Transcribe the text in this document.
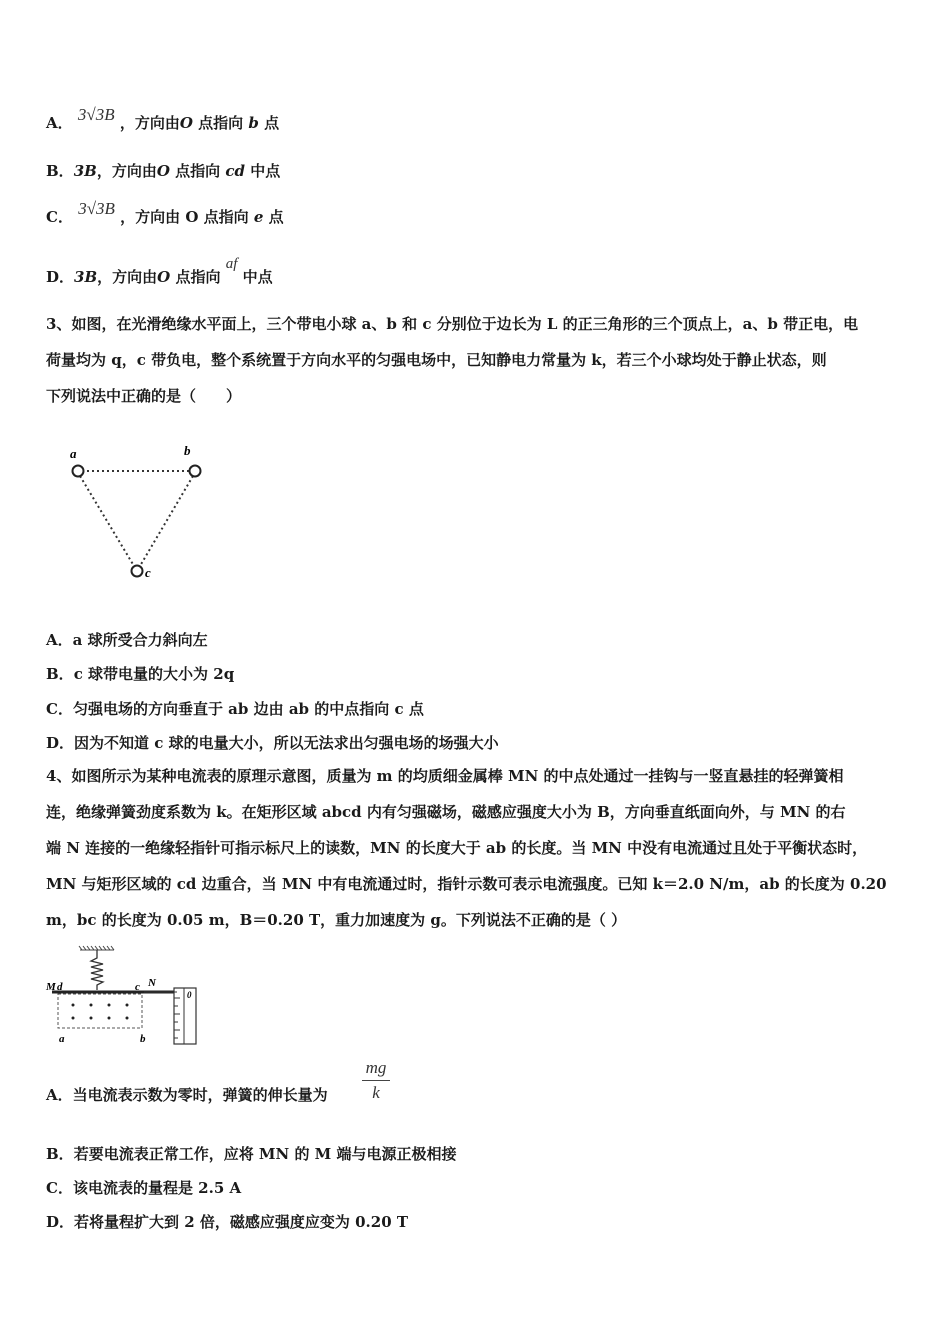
A． 3√3B ，方向由O 点指向 b 点
B．3B，方向由O 点指向 cd 中点
C． 3√3B ，方向由 O 点指向 e 点
D．3B，方向由O 点指向 af 中点
3、如图，在光滑绝缘水平面上，三个带电小球 a、b 和 c 分别位于边长为 L 的正三角形的三个顶点上，a、b 带正电，电
荷量均为 q，c 带负电，整个系统置于方向水平的匀强电场中，已知静电力常量为 k，若三个小球均处于静止状态，则
下列说法中正确的是（　　）
a	b
c
A．a 球所受合力斜向左
B．c 球带电量的大小为 2q
C．匀强电场的方向垂直于 ab 边由 ab 的中点指向 c 点
D．因为不知道 c 球的电量大小，所以无法求出匀强电场的场强大小
4、如图所示为某种电流表的原理示意图，质量为 m 的均质细金属棒 MN 的中点处通过一挂钩与一竖直悬挂的轻弹簧相
连，绝缘弹簧劲度系数为 k。在矩形区域 abcd 内有匀强磁场，磁感应强度大小为 B，方向垂直纸面向外，与 MN 的右
端 N 连接的一绝缘轻指针可指示标尺上的读数，MN 的长度大于 ab 的长度。当 MN 中没有电流通过且处于平衡状态时，
MN 与矩形区域的 cd 边重合，当 MN 中有电流通过时，指针示数可表示电流强度。已知 k＝2.0 N/m，ab 的长度为 0.20
m，bc 的长度为 0.05 m，B＝0.20 T，重力加速度为 g。下列说法不正确的是（ ）
M d	c N
a	b
0
A．当电流表示数为零时，弹簧的伸长量为
mg
k
B．若要电流表正常工作，应将 MN 的 M 端与电源正极相接
C．该电流表的量程是 2.5 A
D．若将量程扩大到 2 倍，磁感应强度应变为 0.20 T
